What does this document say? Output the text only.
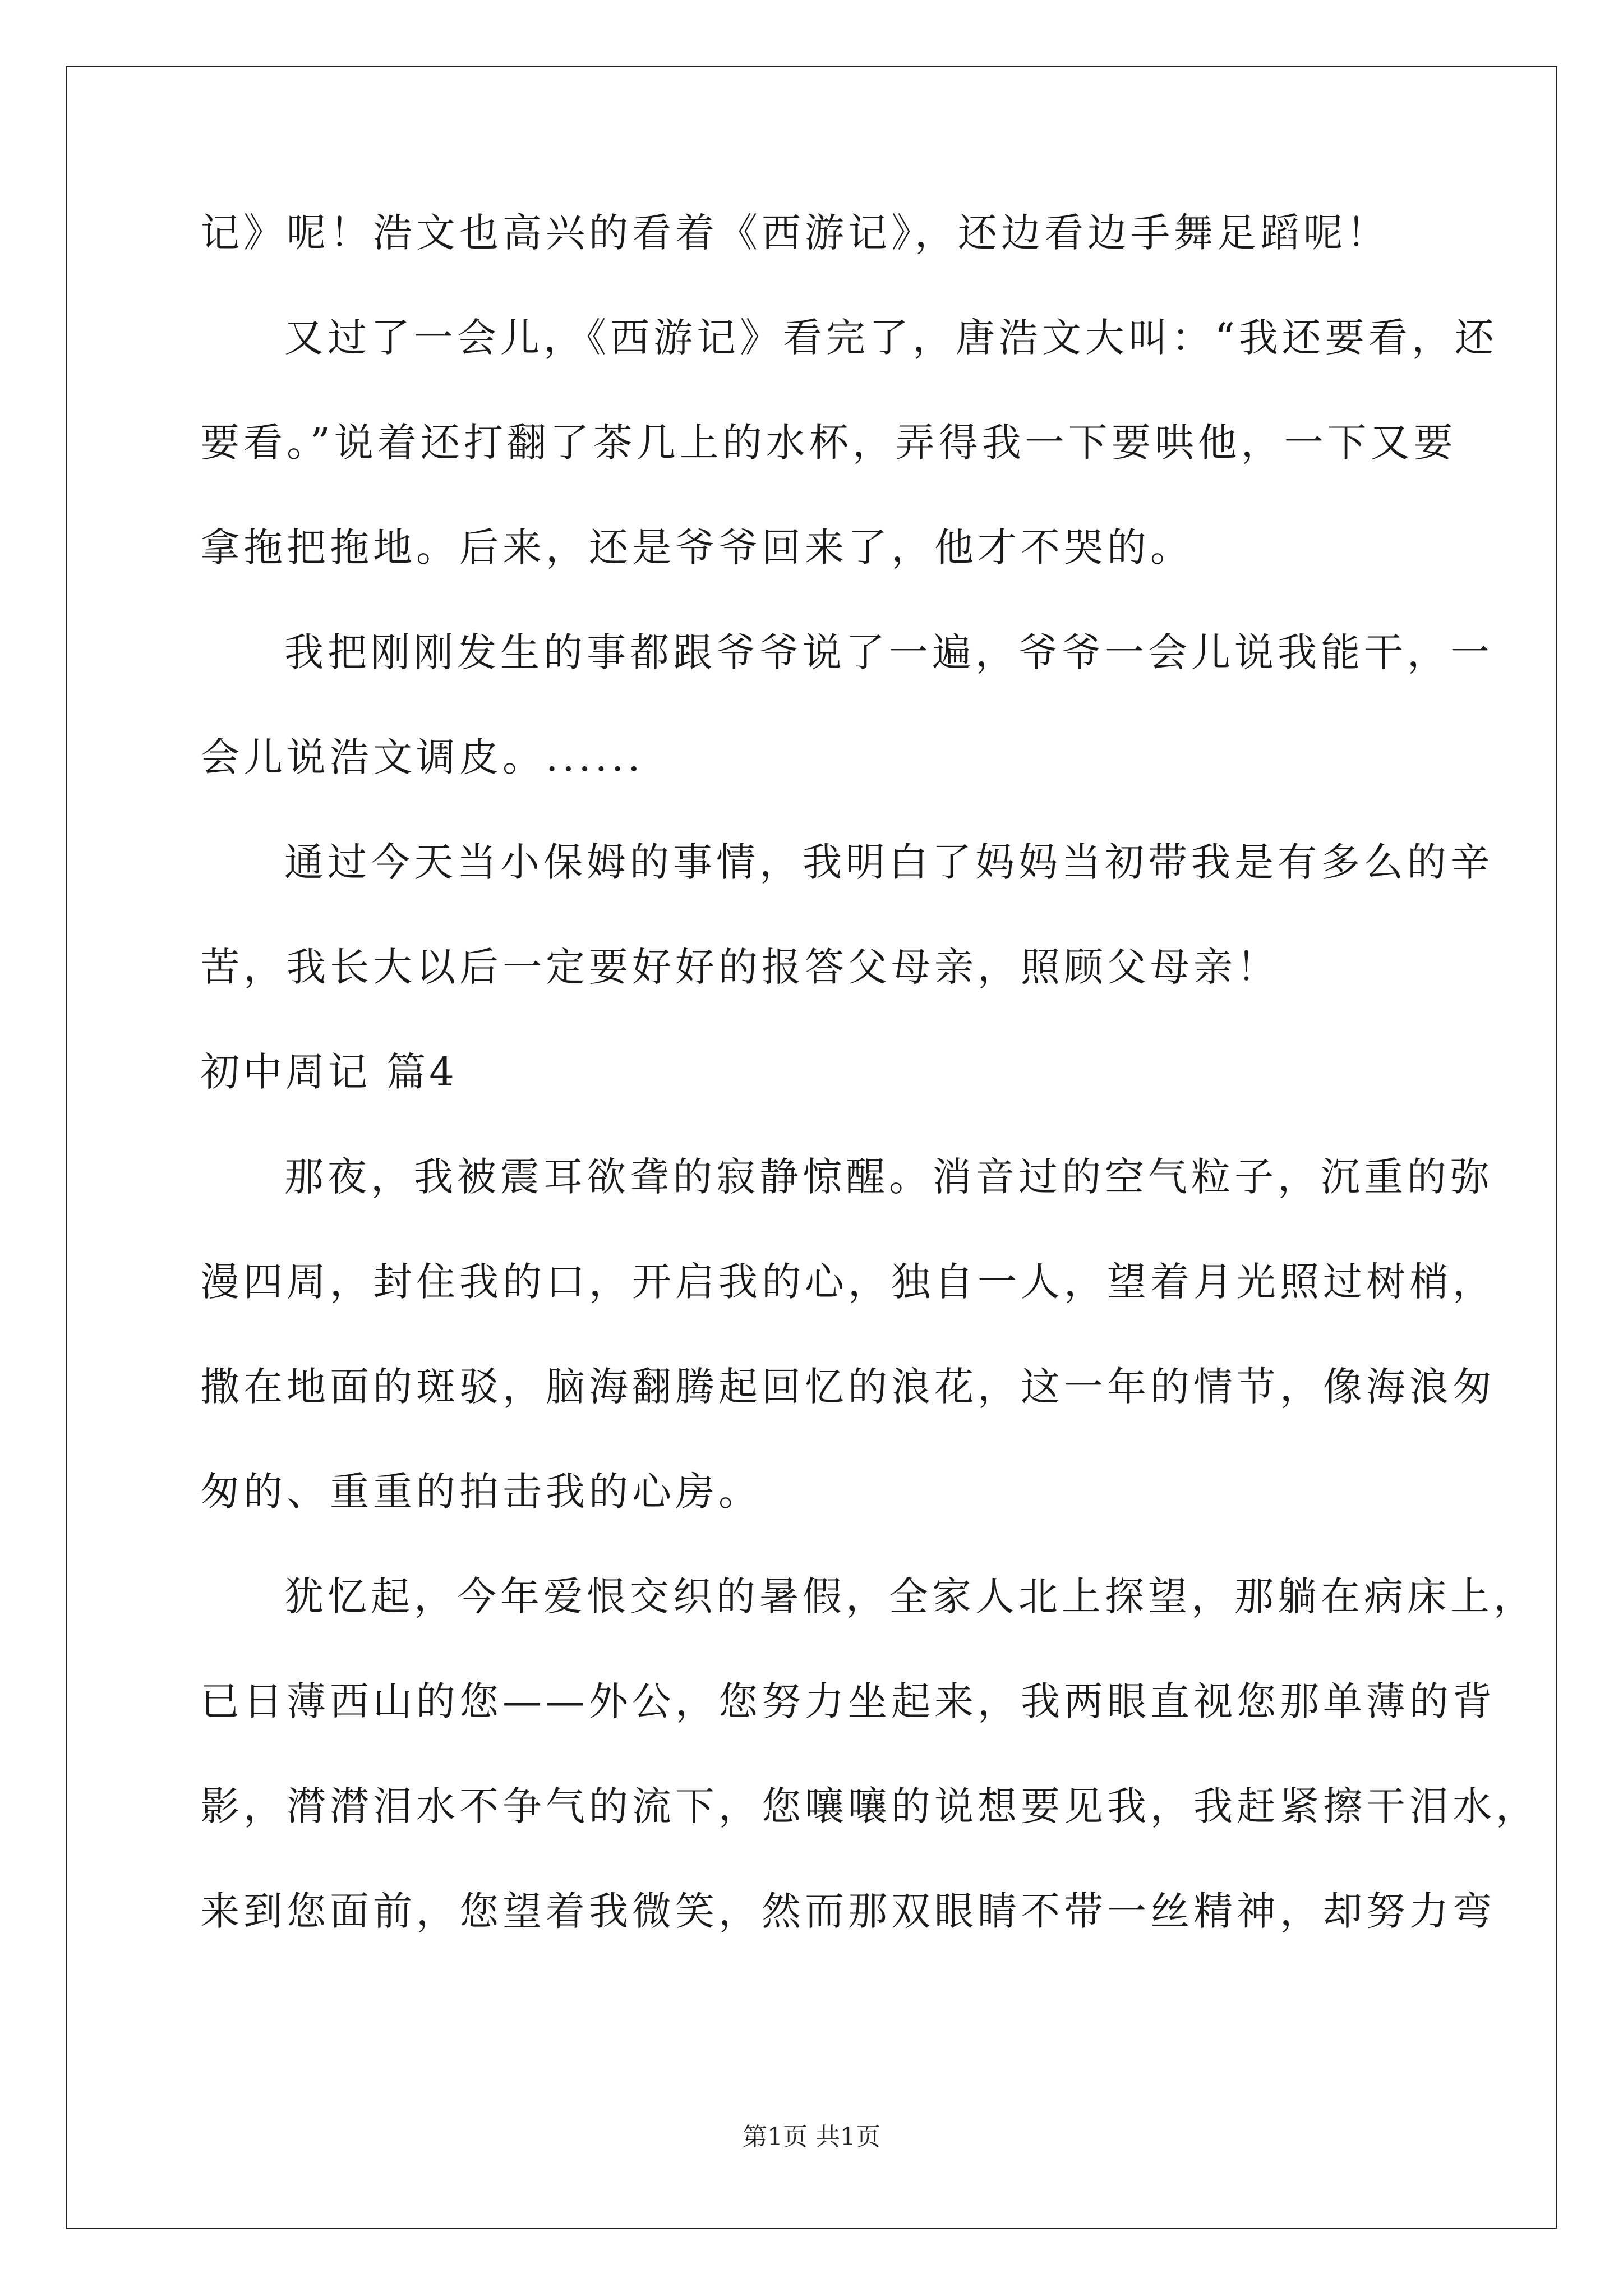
记》呢！浩文也高兴的看着《西游记》，还边看边手舞足蹈呢！
又过了一会儿，《西游记》看完了，唐浩文大叫：“我还要看，还
要看。”说着还打翻了茶几上的水杯，弄得我一下要哄他，一下又要
拿拖把拖地。后来，还是爷爷回来了，他才不哭的。
我把刚刚发生的事都跟爷爷说了一遍，爷爷一会儿说我能干，一
会儿说浩文调皮。......
通过今天当小保姆的事情，我明白了妈妈当初带我是有多么的辛
苦，我长大以后一定要好好的报答父母亲，照顾父母亲！
初中周记 篇4
那夜，我被震耳欲聋的寂静惊醒。消音过的空气粒子，沉重的弥
漫四周，封住我的口，开启我的心，独自一人，望着月光照过树梢，
撒在地面的斑驳，脑海翻腾起回忆的浪花，这一年的情节，像海浪匆
匆的、重重的拍击我的心房。
犹忆起，今年爱恨交织的暑假，全家人北上探望，那躺在病床上，
已日薄西山的您——外公，您努力坐起来，我两眼直视您那单薄的背
影，潸潸泪水不争气的流下，您嚷嚷的说想要见我，我赶紧擦干泪水，
来到您面前，您望着我微笑，然而那双眼睛不带一丝精神，却努力弯
第1页 共1页
